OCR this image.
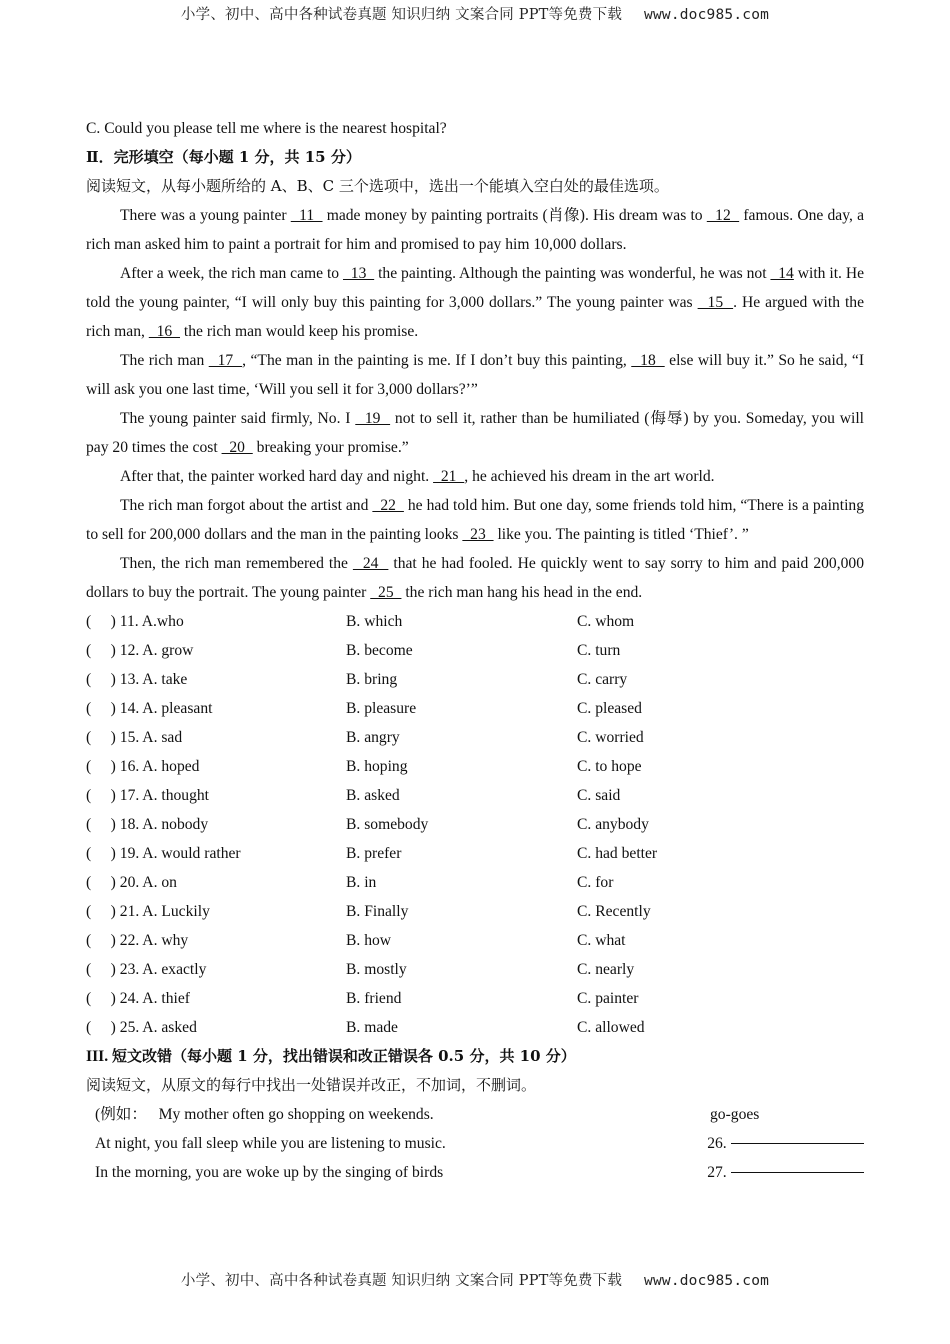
小学、初中、高中各种试卷真题 知识归纳 文案合同 PPT等免费下载 www.doc985.com
C. Could you please tell me where is the nearest hospital?
Ⅱ．完形填空（每小题 1 分，共 15 分）
阅读短文，从每小题所给的 A、B、C 三个选项中，选出一个能填入空白处的最佳选项。
There was a young painter   11   made money by painting portraits (肖像). His dream was to   12   famous. One day, a rich man asked him to paint a portrait for him and promised to pay him 10,000 dollars.
After a week, the rich man came to   13   the painting. Although the painting was wonderful, he was not   14 with it. He told the young painter, “I will only buy this painting for 3,000 dollars.” The young painter was   15  . He argued with the rich man,   16   the rich man would keep his promise.
The rich man   17  , “The man in the painting is me. If I don’t buy this painting,   18   else will buy it.” So he said, “I will ask you one last time, ‘Will you sell it for 3,000 dollars?’”
The young painter said firmly, No. I   19   not to sell it, rather than be humiliated (侮辱) by you. Someday, you will pay 20 times the cost   20   breaking your promise.”
After that, the painter worked hard day and night.   21  , he achieved his dream in the art world.
The rich man forgot about the artist and   22   he had told him. But one day, some friends told him, “There is a painting to sell for 200,000 dollars and the man in the painting looks   23   like you. The painting is titled ‘Thief’. ”
Then, the rich man remembered the   24   that he had fooled. He quickly went to say sorry to him and paid 200,000 dollars to buy the portrait. The young painter   25   the rich man hang his head in the end.
(     ) 11. A.who	B. which	C. whom
(     ) 12. A. grow	B. become	C. turn
(     ) 13. A. take	B. bring	C. carry
(     ) 14. A. pleasant	B. pleasure	C. pleased
(     ) 15. A. sad	B. angry	C. worried
(     ) 16. A. hoped	B. hoping	C. to hope
(     ) 17. A. thought	B. asked	C. said
(     ) 18. A. nobody	B. somebody	C. anybody
(     ) 19. A. would rather	B. prefer	C. had better
(     ) 20. A. on	B. in	C. for
(     ) 21. A. Luckily	B. Finally	C. Recently
(     ) 22. A. why	B. how	C. what
(     ) 23. A. exactly	B. mostly	C. nearly
(     ) 24. A. thief	B. friend	C. painter
(     ) 25. A. asked	B. made	C. allowed
III. 短文改错（每小题 1 分，找出错误和改正错误各 0.5 分，共 10 分）
阅读短文，从原文的每行中找出一处错误并改正，不加词，不删词。
(例如：   My mother often go shopping on weekends.	go-goes
At night, you fall sleep while you are listening to music.	26.

In the morning, you are woke up by the singing of birds	27.

小学、初中、高中各种试卷真题 知识归纳 文案合同 PPT等免费下载 www.doc985.com
